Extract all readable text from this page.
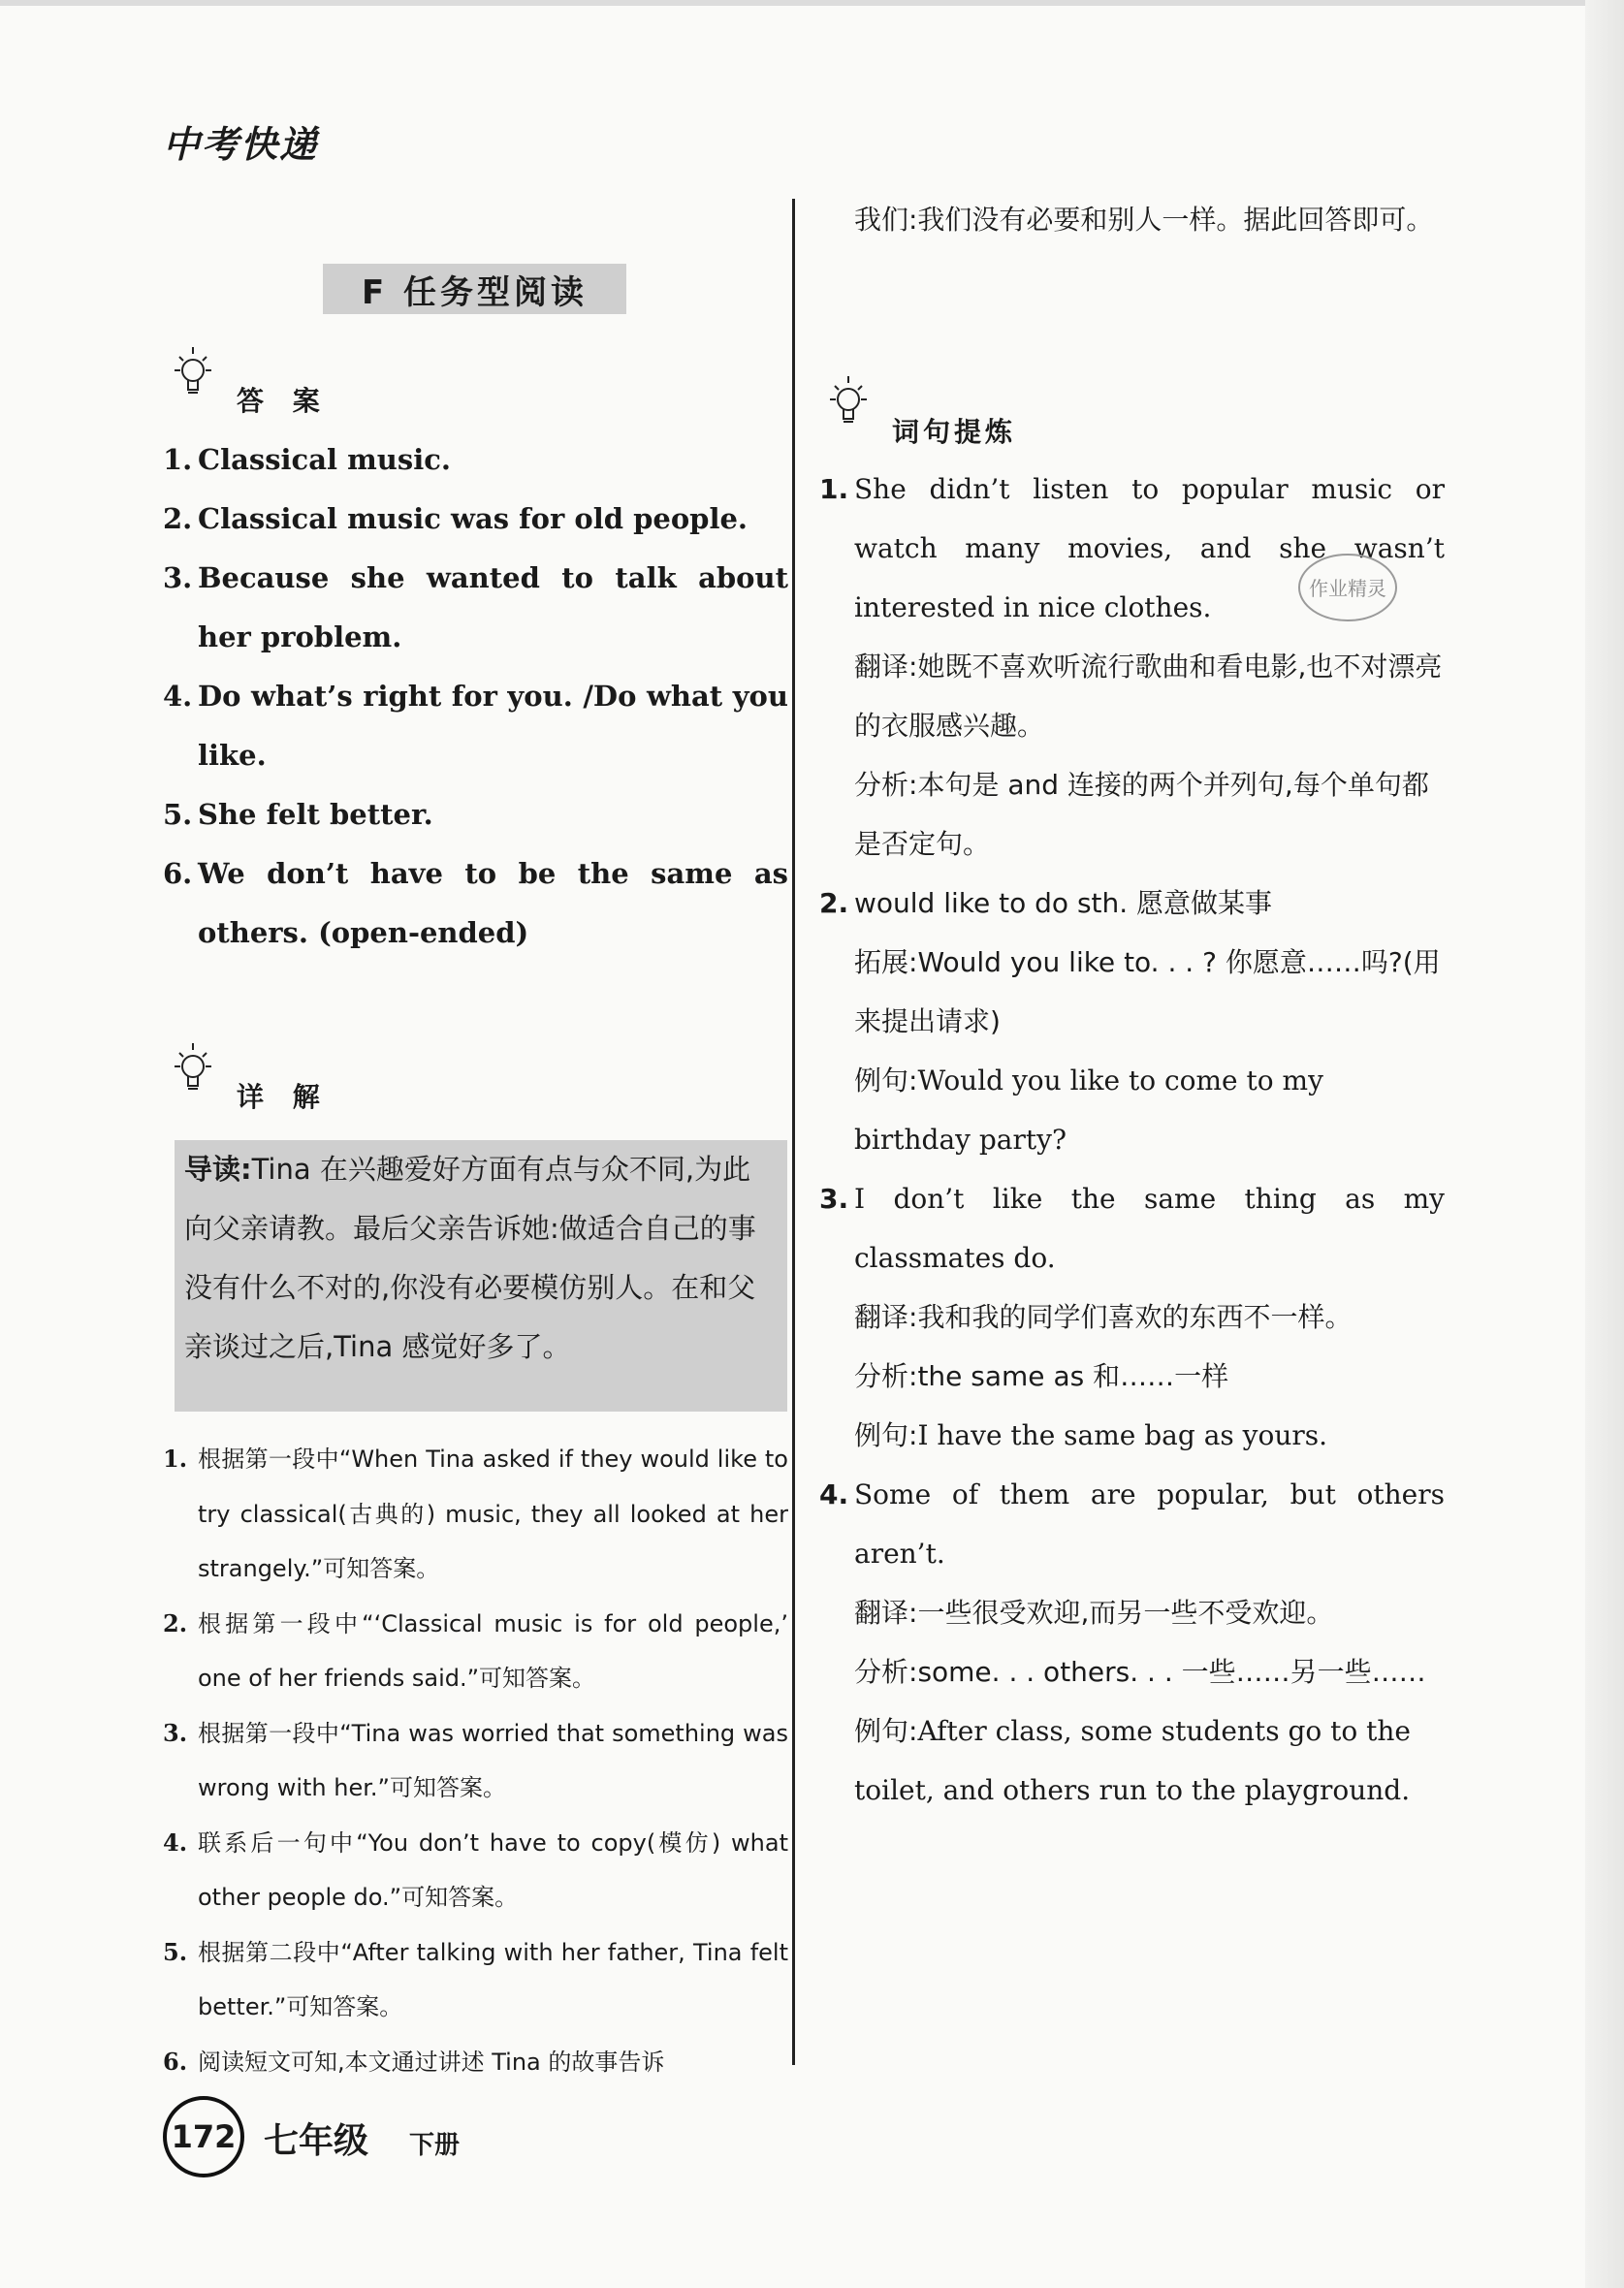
中考快递
F 任务型阅读
答 案
1. Classical music.
2. Classical music was for old people.
3. Because she wanted to talk about her problem.
4. Do what’s right for you. /Do what you like.
5. She felt better.
6. We don’t have to be the same as others. (open-ended)
详 解
导读:Tina 在兴趣爱好方面有点与众不同,为此向父亲请教。最后父亲告诉她:做适合自己的事没有什么不对的,你没有必要模仿别人。在和父亲谈过之后,Tina 感觉好多了。
1. 根据第一段中“When Tina asked if they would like to try classical(古典的) music, they all looked at her strangely.”可知答案。
2. 根据第一段中“‘Classical music is for old people,’ one of her friends said.”可知答案。
3. 根据第一段中“Tina was worried that something was wrong with her.”可知答案。
4. 联系后一句中“You don’t have to copy(模仿) what other people do.”可知答案。
5. 根据第二段中“After talking with her father, Tina felt better.”可知答案。
6. 阅读短文可知,本文通过讲述 Tina 的故事告诉
我们:我们没有必要和别人一样。据此回答即可。
词句提炼
1. She didn’t listen to popular music or watch many movies, and she wasn’t interested in nice clothes.
翻译:她既不喜欢听流行歌曲和看电影,也不对漂亮的衣服感兴趣。
分析:本句是 and 连接的两个并列句,每个单句都是否定句。
2. would like to do sth. 愿意做某事
拓展:Would you like to. . . ? 你愿意……吗?(用来提出请求)
例句:Would you like to come to my birthday party?
3. I don’t like the same thing as my classmates do.
翻译:我和我的同学们喜欢的东西不一样。
分析:the same as 和……一样
例句:I have the same bag as yours.
4. Some of them are popular, but others aren’t.
翻译:一些很受欢迎,而另一些不受欢迎。
分析:some. . . others. . . 一些……另一些……
例句:After class, some students go to the toilet, and others run to the playground.
作业精灵
172 七年级 下册
